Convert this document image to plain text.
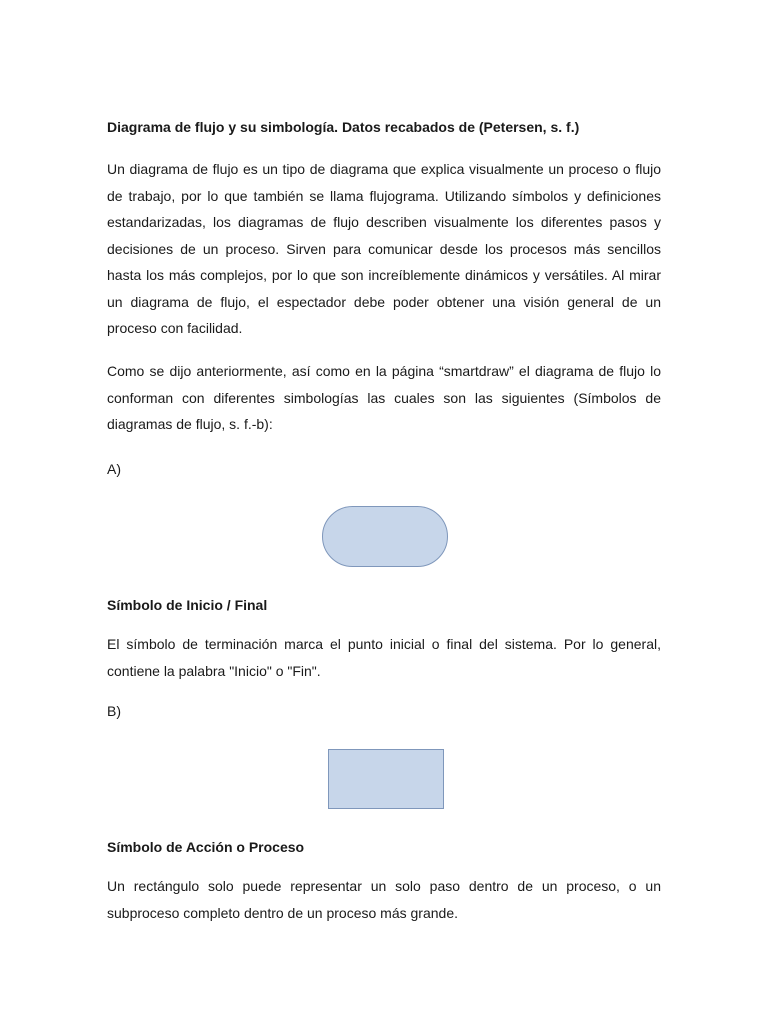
Diagrama de flujo y su simbología. Datos recabados de (Petersen, s. f.)
Un diagrama de flujo es un tipo de diagrama que explica visualmente un proceso o flujo de trabajo, por lo que también se llama flujograma. Utilizando símbolos y definiciones estandarizadas, los diagramas de flujo describen visualmente los diferentes pasos y decisiones de un proceso. Sirven para comunicar desde los procesos más sencillos hasta los más complejos, por lo que son increíblemente dinámicos y versátiles. Al mirar un diagrama de flujo, el espectador debe poder obtener una visión general de un proceso con facilidad.
Como se dijo anteriormente, así como en la página “smartdraw” el diagrama de flujo lo conforman con diferentes simbologías las cuales son las siguientes (Símbolos de diagramas de flujo, s. f.-b):
A)
Símbolo de Inicio / Final
El símbolo de terminación marca el punto inicial o final del sistema. Por lo general, contiene la palabra "Inicio" o "Fin".
B)
Símbolo de Acción o Proceso
Un rectángulo solo puede representar un solo paso dentro de un proceso, o un subproceso completo dentro de un proceso más grande.
